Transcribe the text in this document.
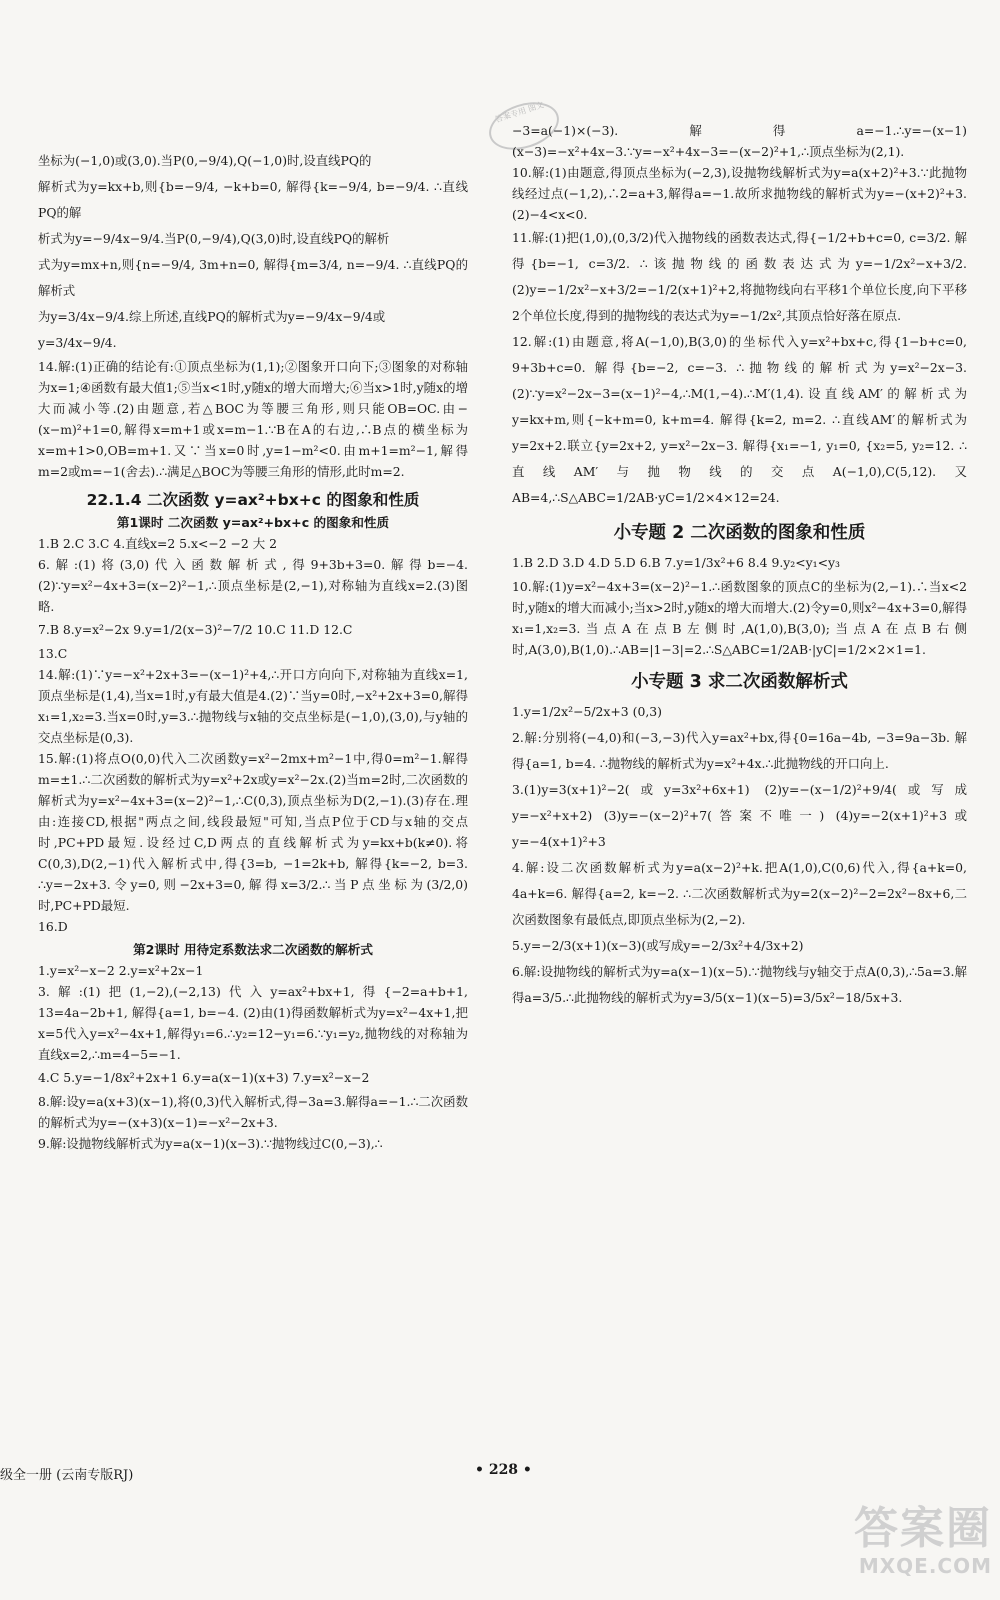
答案专用 图文

坐标为(−1,0)或(3,0).当P(0,−9/4),Q(−1,0)时,设直线PQ的

解析式为y=kx+b,则{b=−9/4, −k+b=0, 解得{k=−9/4, b=−9/4. ∴直线PQ的解

析式为y=−9/4x−9/4.当P(0,−9/4),Q(3,0)时,设直线PQ的解析

式为y=mx+n,则{n=−9/4, 3m+n=0, 解得{m=3/4, n=−9/4. ∴直线PQ的解析式

为y=3/4x−9/4.综上所述,直线PQ的解析式为y=−9/4x−9/4或

y=3/4x−9/4.

14.解:(1)正确的结论有:①顶点坐标为(1,1);②图象开口向下;③图象的对称轴为x=1;④函数有最大值1;⑤当x<1时,y随x的增大而增大;⑥当x>1时,y随x的增大而减小等.(2)由题意,若△BOC为等腰三角形,则只能OB=OC.由−(x−m)²+1=0,解得x=m+1或x=m−1.∵B在A的右边,∴B点的横坐标为x=m+1>0,OB=m+1.又∵当x=0时,y=1−m²<0.由m+1=m²−1,解得m=2或m=−1(舍去).∴满足△BOC为等腰三角形的情形,此时m=2.

22.1.4 二次函数 y=ax²+bx+c 的图象和性质
第1课时 二次函数 y=ax²+bx+c 的图象和性质

1.B 2.C 3.C 4.直线x=2 5.x<−2 −2 大 2

6.解:(1)将(3,0)代入函数解析式,得9+3b+3=0.解得b=−4.(2)∵y=x²−4x+3=(x−2)²−1,∴顶点坐标是(2,−1),对称轴为直线x=2.(3)图略.

7.B 8.y=x²−2x 9.y=1/2(x−3)²−7/2 10.C 11.D 12.C

13.C

14.解:(1)∵y=−x²+2x+3=−(x−1)²+4,∴开口方向向下,对称轴为直线x=1,顶点坐标是(1,4),当x=1时,y有最大值是4.(2)∵当y=0时,−x²+2x+3=0,解得x₁=1,x₂=3.当x=0时,y=3.∴抛物线与x轴的交点坐标是(−1,0),(3,0),与y轴的交点坐标是(0,3).

15.解:(1)将点O(0,0)代入二次函数y=x²−2mx+m²−1中,得0=m²−1.解得m=±1.∴二次函数的解析式为y=x²+2x或y=x²−2x.(2)当m=2时,二次函数的解析式为y=x²−4x+3=(x−2)²−1,∴C(0,3),顶点坐标为D(2,−1).(3)存在.理由:连接CD,根据"两点之间,线段最短"可知,当点P位于CD与x轴的交点时,PC+PD最短.设经过C,D两点的直线解析式为y=kx+b(k≠0).将C(0,3),D(2,−1)代入解析式中,得{3=b, −1=2k+b, 解得{k=−2, b=3. ∴y=−2x+3.令y=0,则−2x+3=0,解得x=3/2.∴当P点坐标为(3/2,0)时,PC+PD最短.

16.D

第2课时 用待定系数法求二次函数的解析式

1.y=x²−x−2 2.y=x²+2x−1

3.解:(1)把(1,−2),(−2,13)代入y=ax²+bx+1,得{−2=a+b+1, 13=4a−2b+1, 解得{a=1, b=−4. (2)由(1)得函数解析式为y=x²−4x+1,把x=5代入y=x²−4x+1,解得y₁=6.∴y₂=12−y₁=6.∵y₁=y₂,抛物线的对称轴为直线x=2,∴m=4−5=−1.

4.C 5.y=−1/8x²+2x+1 6.y=a(x−1)(x+3) 7.y=x²−x−2

8.解:设y=a(x+3)(x−1),将(0,3)代入解析式,得−3a=3.解得a=−1.∴二次函数的解析式为y=−(x+3)(x−1)=−x²−2x+3.

9.解:设抛物线解析式为y=a(x−1)(x−3).∵抛物线过C(0,−3),∴

−3=a(−1)×(−3).解得a=−1.∴y=−(x−1)(x−3)=−x²+4x−3.∵y=−x²+4x−3=−(x−2)²+1,∴顶点坐标为(2,1).

10.解:(1)由题意,得顶点坐标为(−2,3),设抛物线解析式为y=a(x+2)²+3.∵此抛物线经过点(−1,2),∴2=a+3,解得a=−1.故所求抛物线的解析式为y=−(x+2)²+3.(2)−4<x<0.

11.解:(1)把(1,0),(0,3/2)代入抛物线的函数表达式,得{−1/2+b+c=0, c=3/2. 解得{b=−1, c=3/2. ∴该抛物线的函数表达式为y=−1/2x²−x+3/2.(2)y=−1/2x²−x+3/2=−1/2(x+1)²+2,将抛物线向右平移1个单位长度,向下平移2个单位长度,得到的抛物线的表达式为y=−1/2x²,其顶点恰好落在原点.

12.解:(1)由题意,将A(−1,0),B(3,0)的坐标代入y=x²+bx+c,得{1−b+c=0, 9+3b+c=0. 解得{b=−2, c=−3. ∴抛物线的解析式为y=x²−2x−3.(2)∵y=x²−2x−3=(x−1)²−4,∴M(1,−4).∴M′(1,4).设直线AM′的解析式为y=kx+m,则{−k+m=0, k+m=4. 解得{k=2, m=2. ∴直线AM′的解析式为y=2x+2.联立{y=2x+2, y=x²−2x−3. 解得{x₁=−1, y₁=0, {x₂=5, y₂=12. ∴直线AM′与抛物线的交点A(−1,0),C(5,12).又AB=4,∴S△ABC=1/2AB·yC=1/2×4×12=24.

小专题 2 二次函数的图象和性质

1.B 2.D 3.D 4.D 5.D 6.B 7.y=1/3x²+6 8.4 9.y₂<y₁<y₃

10.解:(1)y=x²−4x+3=(x−2)²−1.∴函数图象的顶点C的坐标为(2,−1).∴当x<2时,y随x的增大而减小;当x>2时,y随x的增大而增大.(2)令y=0,则x²−4x+3=0,解得x₁=1,x₂=3.当点A在点B左侧时,A(1,0),B(3,0);当点A在点B右侧时,A(3,0),B(1,0).∴AB=|1−3|=2.∴S△ABC=1/2AB·|yC|=1/2×2×1=1.

小专题 3 求二次函数解析式

1.y=1/2x²−5/2x+3 (0,3)

2.解:分别将(−4,0)和(−3,−3)代入y=ax²+bx,得{0=16a−4b, −3=9a−3b. 解得{a=1, b=4. ∴抛物线的解析式为y=x²+4x.∴此抛物线的开口向上.

3.(1)y=3(x+1)²−2(或y=3x²+6x+1) (2)y=−(x−1/2)²+9/4(或写成y=−x²+x+2) (3)y=−(x−2)²+7(答案不唯一) (4)y=−2(x+1)²+3或y=−4(x+1)²+3

4.解:设二次函数解析式为y=a(x−2)²+k.把A(1,0),C(0,6)代入,得{a+k=0, 4a+k=6. 解得{a=2, k=−2. ∴二次函数解析式为y=2(x−2)²−2=2x²−8x+6,二次函数图象有最低点,即顶点坐标为(2,−2).

5.y=−2/3(x+1)(x−3)(或写成y=−2/3x²+4/3x+2)

6.解:设抛物线的解析式为y=a(x−1)(x−5).∵抛物线与y轴交于点A(0,3),∴5a=3.解得a=3/5.∴此抛物线的解析式为y=3/5(x−1)(x−5)=3/5x²−18/5x+3.

级全一册 (云南专版RJ)	• 228 •
答案圈
MXQE.COM
